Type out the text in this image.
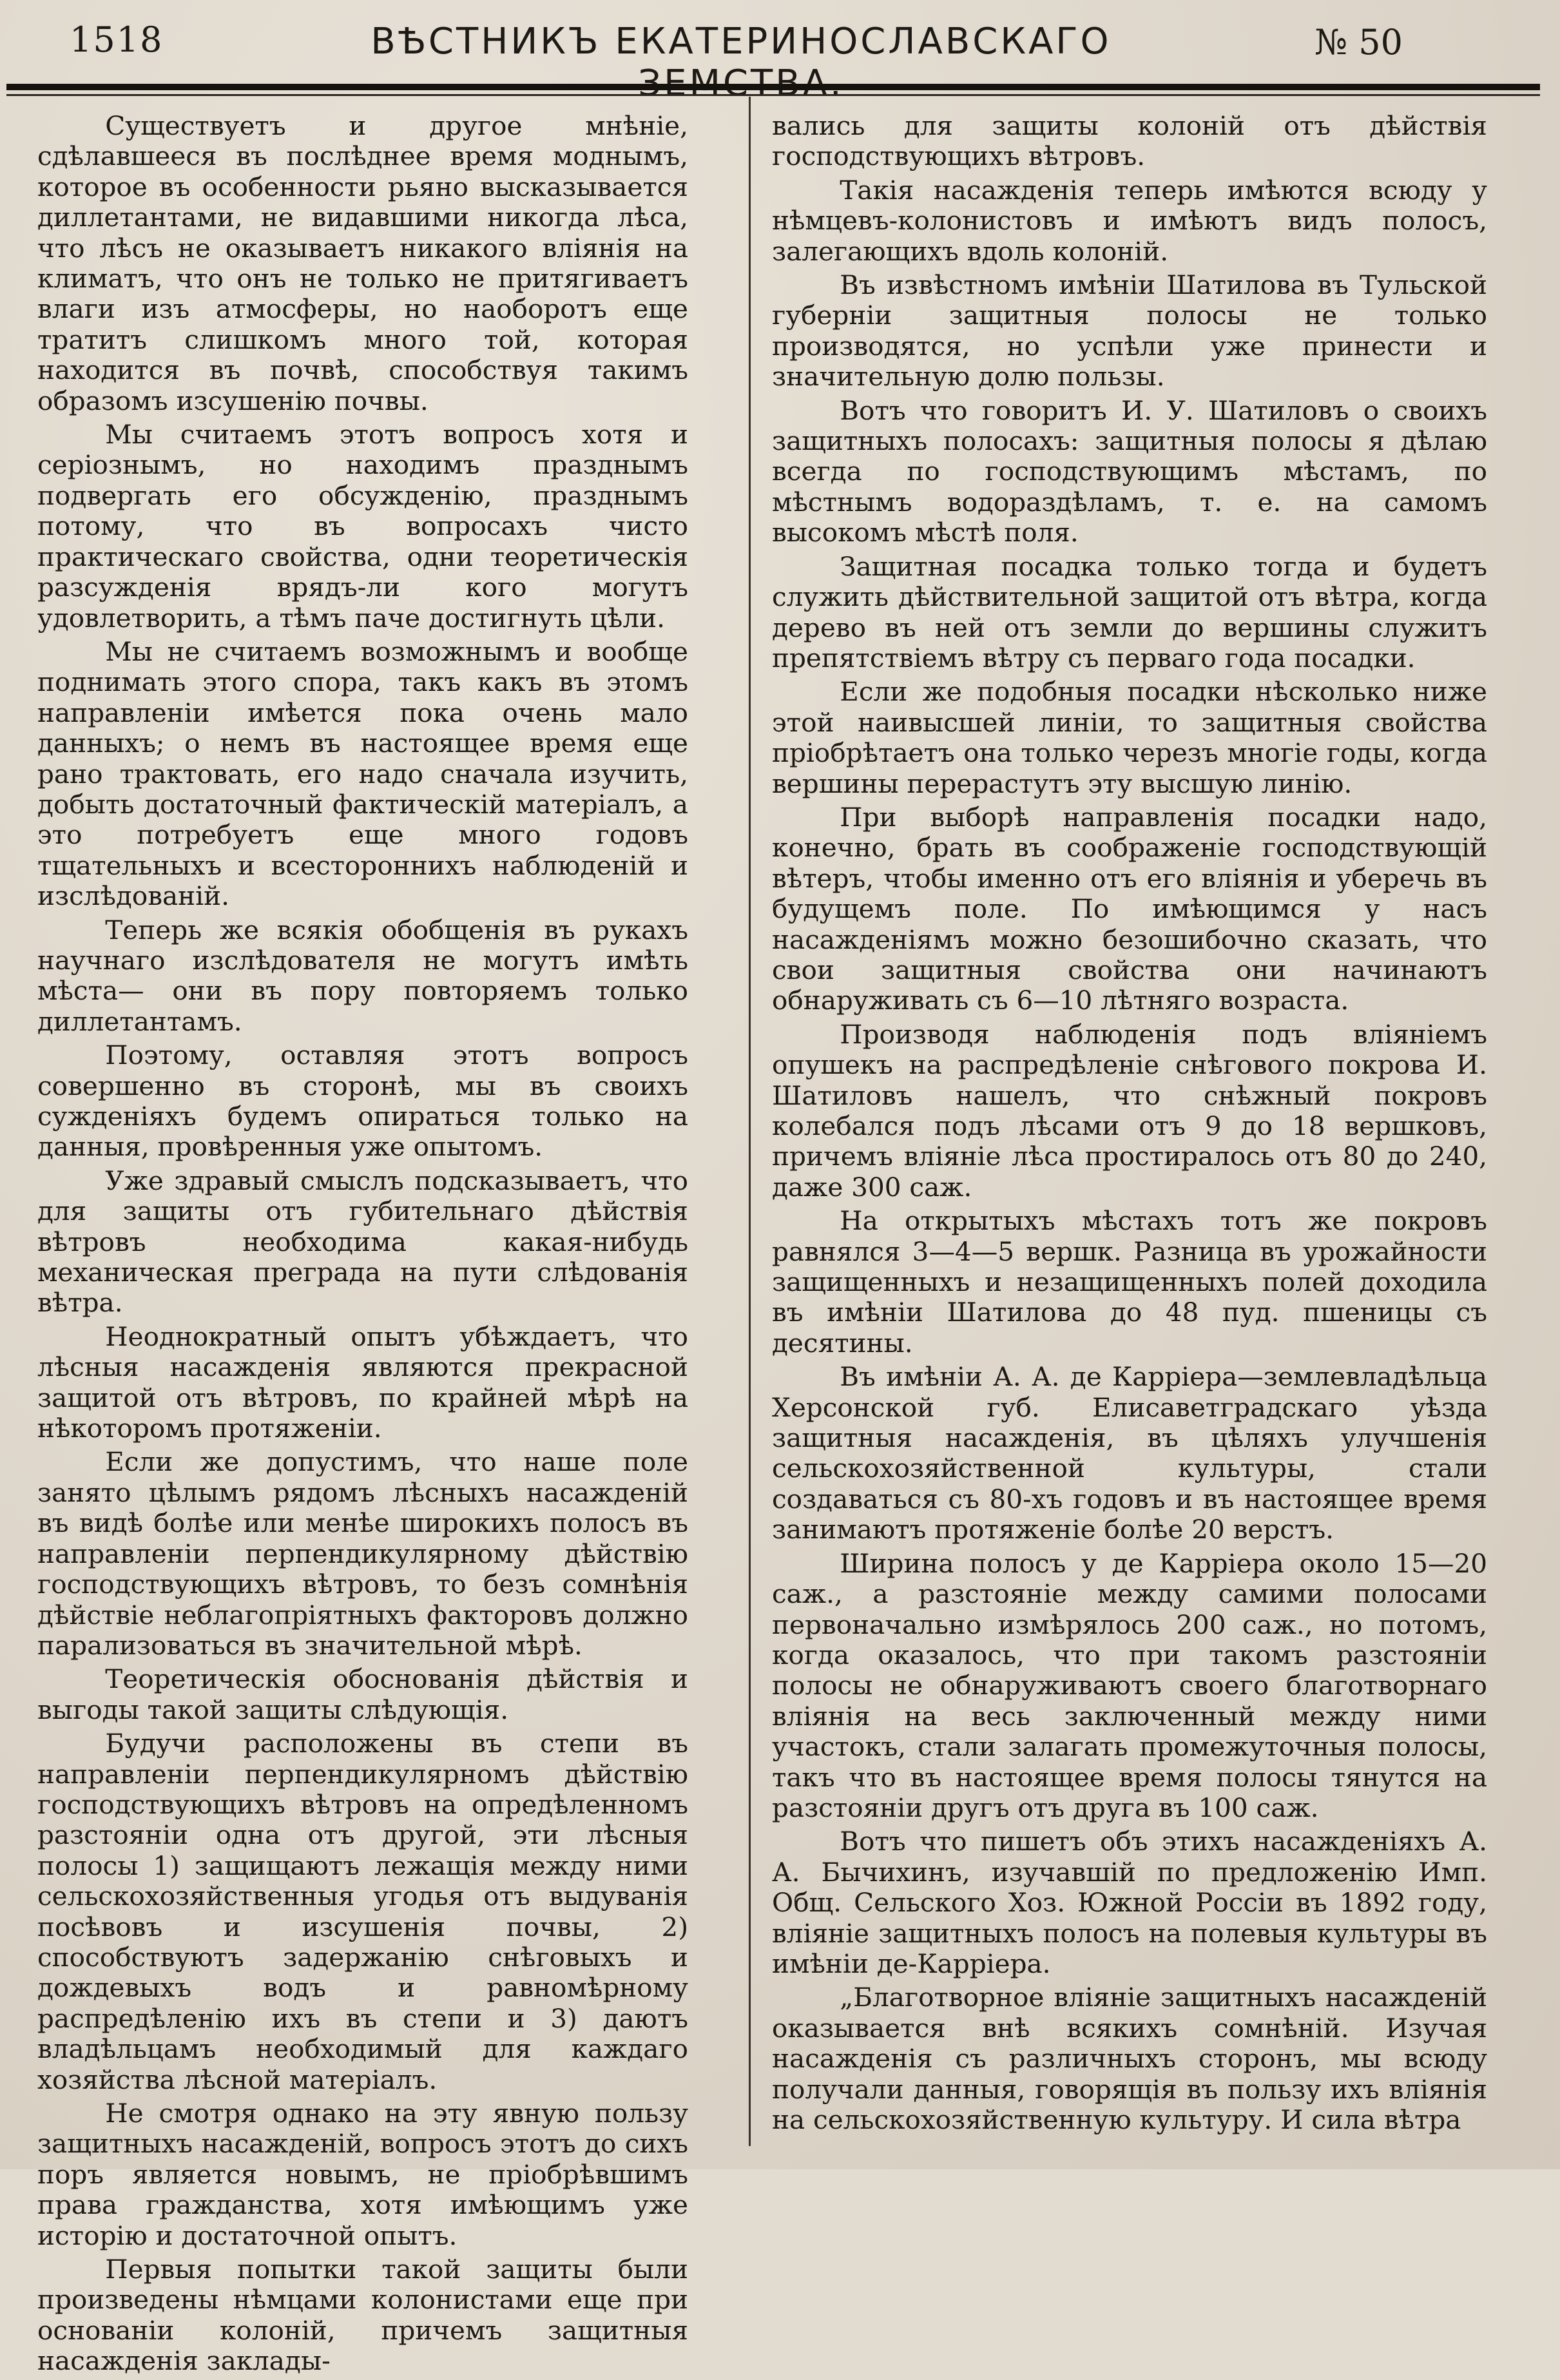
1518	ВѢСТНИКЪ ЕКАТЕРИНОСЛАВСКАГО	№ 50

Существуетъ и другое мнѣніе, сдѣлавшееся въ послѣднее время моднымъ, которое въ особенности рьяно высказывается диллетантами, не видавшими никогда лѣса, что лѣсъ не оказываетъ никакого вліянія на климатъ, что онъ не только не притягиваетъ влаги изъ атмосферы, но наоборотъ еще тратитъ слишкомъ много той, которая находится въ почвѣ, способствуя такимъ образомъ изсушенію почвы.

Мы считаемъ этотъ вопросъ хотя и серіознымъ, но находимъ празднымъ подвергать его обсужденію, празднымъ потому, что въ вопросахъ чисто практическаго свойства, одни теоретическія разсужденія врядъ-ли кого могутъ удовлетворить, а тѣмъ паче достигнуть цѣли.

Мы не считаемъ возможнымъ и вообще поднимать этого спора, такъ какъ въ этомъ направленіи имѣется пока очень мало данныхъ; о немъ въ настоящее время еще рано трактовать, его надо сначала изучить, добыть достаточный фактическій матеріалъ, а это потребуетъ еще много годовъ тщательныхъ и всестороннихъ наблюденій и изслѣдованій.

Теперь же всякія обобщенія въ рукахъ научнаго изслѣдователя не могутъ имѣть мѣста— они въ пору повторяемъ только диллетантамъ.

Поэтому, оставляя этотъ вопросъ совершенно въ сторонѣ, мы въ своихъ сужденіяхъ будемъ опираться только на данныя, провѣренныя уже опытомъ.

Уже здравый смыслъ подсказываетъ, что для защиты отъ губительнаго дѣйствія вѣтровъ необходима какая-нибудь механическая преграда на пути слѣдованія вѣтра.

Неоднократный опытъ убѣждаетъ, что лѣсныя насажденія являются прекрасной защитой отъ вѣтровъ, по крайней мѣрѣ на нѣкоторомъ протяженіи.

Если же допустимъ, что наше поле занято цѣлымъ рядомъ лѣсныхъ насажденій въ видѣ болѣе или менѣе широкихъ полосъ въ направленіи перпендикулярному дѣйствію господствующихъ вѣтровъ, то безъ сомнѣнія дѣйствіе неблагопріятныхъ факторовъ должно парализоваться въ значительной мѣрѣ.

Теоретическія обоснованія дѣйствія и выгоды такой защиты слѣдующія.

Будучи расположены въ степи въ направленіи перпендикулярномъ дѣйствію господствующихъ вѣтровъ на опредѣленномъ разстояніи одна отъ другой, эти лѣсныя полосы 1) защищаютъ лежащія между ними сельскохозяйственныя угодья отъ выдуванія посѣвовъ и изсушенія почвы, 2) способствуютъ задержанію снѣговыхъ и дождевыхъ водъ и равномѣрному распредѣленію ихъ въ степи и 3) даютъ владѣльцамъ необходимый для каждаго хозяйства лѣсной матеріалъ.

Не смотря однако на эту явную пользу защитныхъ насажденій, вопросъ этотъ до сихъ поръ является новымъ, не пріобрѣвшимъ права гражданства, хотя имѣющимъ уже исторію и достаточной опытъ.

Первыя попытки такой защиты были произведены нѣмцами колонистами еще при основаніи колоній, причемъ защитныя насажденія заклады-

вались для защиты колоній отъ дѣйствія господствующихъ вѣтровъ.

Такія насажденія теперь имѣются всюду у нѣмцевъ-колонистовъ и имѣютъ видъ полосъ, залегающихъ вдоль колоній.

Въ извѣстномъ имѣніи Шатилова въ Тульской губерніи защитныя полосы не только производятся, но успѣли уже принести и значительную долю пользы.

Вотъ что говоритъ И. У. Шатиловъ о своихъ защитныхъ полосахъ: защитныя полосы я дѣлаю всегда по господствующимъ мѣстамъ, по мѣстнымъ водораздѣламъ, т. е. на самомъ высокомъ мѣстѣ поля.

Защитная посадка только тогда и будетъ служить дѣйствительной защитой отъ вѣтра, когда дерево въ ней отъ земли до вершины служитъ препятствіемъ вѣтру съ перваго года посадки.

Если же подобныя посадки нѣсколько ниже этой наивысшей линіи, то защитныя свойства пріобрѣтаетъ она только черезъ многіе годы, когда вершины перерастутъ эту высшую линію.

При выборѣ направленія посадки надо, конечно, брать въ соображеніе господствующій вѣтеръ, чтобы именно отъ его вліянія и уберечь въ будущемъ поле. По имѣющимся у насъ насажденіямъ можно безошибочно сказать, что свои защитныя свойства они начинаютъ обнаруживать съ 6—10 лѣтняго возраста.

Производя наблюденія подъ вліяніемъ опушекъ на распредѣленіе снѣгового покрова И. Шатиловъ нашелъ, что снѣжный покровъ колебался подъ лѣсами отъ 9 до 18 вершковъ, причемъ вліяніе лѣса простиралось отъ 80 до 240, даже 300 саж.

На открытыхъ мѣстахъ тотъ же покровъ равнялся 3—4—5 вершк. Разница въ урожайности защищенныхъ и незащищенныхъ полей доходила въ имѣніи Шатилова до 48 пуд. пшеницы съ десятины.

Въ имѣніи А. А. де Карріера—землевладѣльца Херсонской губ. Елисаветградскаго уѣзда защитныя насажденія, въ цѣляхъ улучшенія сельскохозяйственной культуры, стали создаваться съ 80-хъ годовъ и въ настоящее время занимаютъ протяженіе болѣе 20 верстъ.

Ширина полосъ у де Карріера около 15—20 саж., а разстояніе между самими полосами первоначально измѣрялось 200 саж., но потомъ, когда оказалось, что при такомъ разстояніи полосы не обнаруживаютъ своего благотворнаго вліянія на весь заключенный между ними участокъ, стали залагать промежуточныя полосы, такъ что въ настоящее время полосы тянутся на разстояніи другъ отъ друга въ 100 саж.

Вотъ что пишетъ объ этихъ насажденіяхъ А. А. Бычихинъ, изучавшій по предложенію Имп. Общ. Сельского Хоз. Южной Россіи въ 1892 году, вліяніе защитныхъ полосъ на полевыя культуры въ имѣніи де-Карріера.

„Благотворное вліяніе защитныхъ насажденій оказывается внѣ всякихъ сомнѣній. Изучая насажденія съ различныхъ сторонъ, мы всюду получали данныя, говорящія въ пользу ихъ вліянія на сельскохозяйственную культуру. И сила вѣтра
